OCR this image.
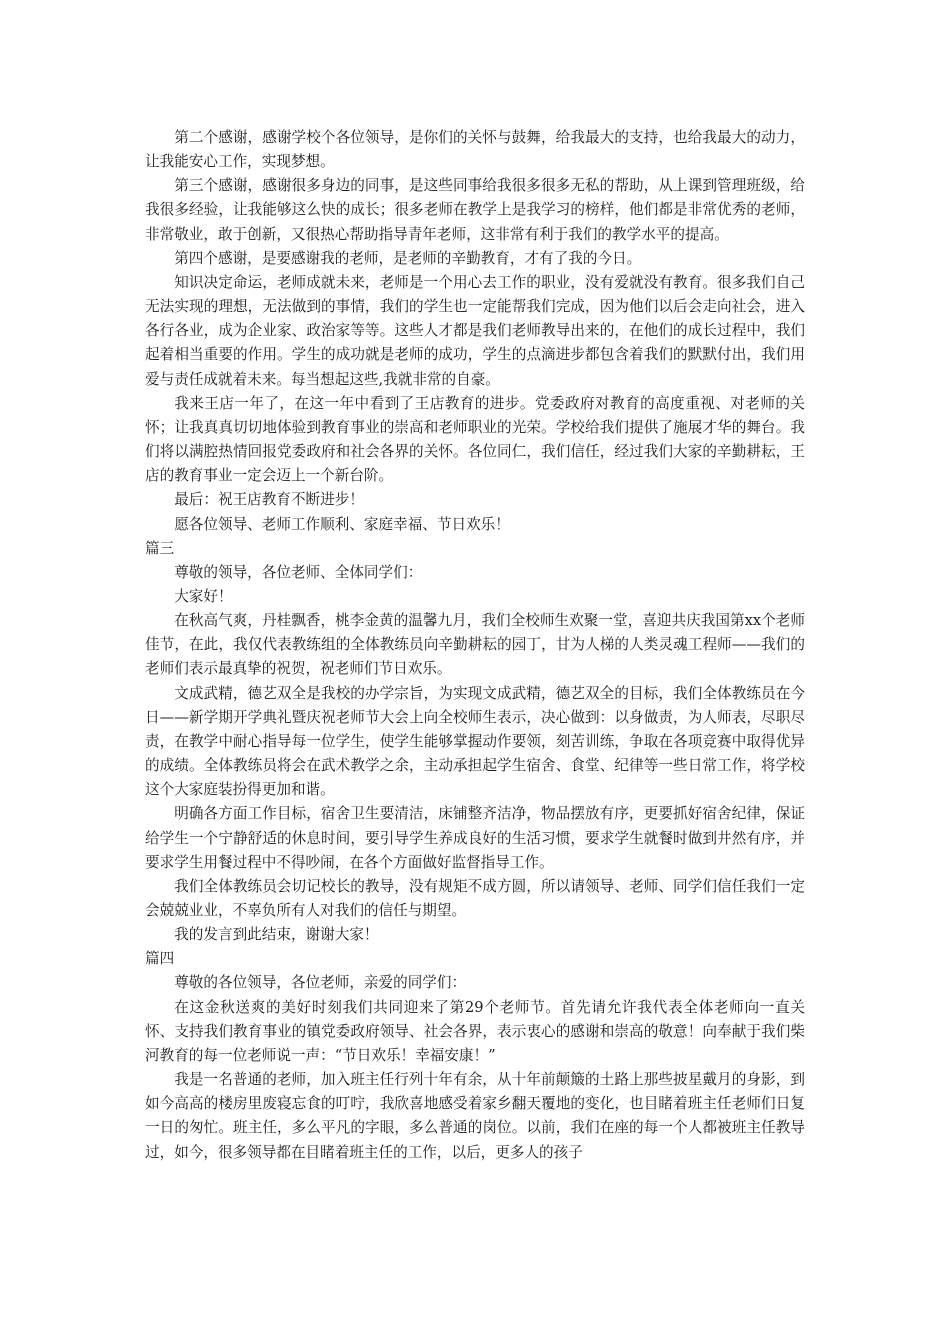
第二个感谢，感谢学校个各位领导，是你们的关怀与鼓舞，给我最大的支持，也给我最大的动力，让我能安心工作，实现梦想。

第三个感谢，感谢很多身边的同事，是这些同事给我很多很多无私的帮助，从上课到管理班级，给我很多经验，让我能够这么快的成长；很多老师在教学上是我学习的榜样，他们都是非常优秀的老师，非常敬业，敢于创新，又很热心帮助指导青年老师，这非常有利于我们的教学水平的提高。

第四个感谢，是要感谢我的老师，是老师的辛勤教育，才有了我的今日。

知识决定命运，老师成就未来，老师是一个用心去工作的职业，没有爱就没有教育。很多我们自己无法实现的理想，无法做到的事情，我们的学生也一定能帮我们完成，因为他们以后会走向社会，进入各行各业，成为企业家、政治家等等。这些人才都是我们老师教导出来的，在他们的成长过程中，我们起着相当重要的作用。学生的成功就是老师的成功，学生的点滴进步都包含着我们的默默付出，我们用爱与责任成就着未来。每当想起这些,我就非常的自豪。

我来王店一年了，在这一年中看到了王店教育的进步。党委政府对教育的高度重视、对老师的关怀；让我真真切切地体验到教育事业的崇高和老师职业的光荣。学校给我们提供了施展才华的舞台。我们将以满腔热情回报党委政府和社会各界的关怀。各位同仁，我们信任，经过我们大家的辛勤耕耘，王店的教育事业一定会迈上一个新台阶。

最后：祝王店教育不断进步！

愿各位领导、老师工作顺利、家庭幸福、节日欢乐！

篇三

尊敬的领导，各位老师、全体同学们：

大家好！

在秋高气爽，丹桂飘香，桃李金黄的温馨九月，我们全校师生欢聚一堂，喜迎共庆我国第xx个老师佳节，在此，我仅代表教练组的全体教练员向辛勤耕耘的园丁，甘为人梯的人类灵魂工程师——我们的老师们表示最真挚的祝贺，祝老师们节日欢乐。

文成武精，德艺双全是我校的办学宗旨，为实现文成武精，德艺双全的目标，我们全体教练员在今日——新学期开学典礼暨庆祝老师节大会上向全校师生表示，决心做到：以身做责，为人师表，尽职尽责，在教学中耐心指导每一位学生，使学生能够掌握动作要领，刻苦训练，争取在各项竞赛中取得优异的成绩。全体教练员将会在武术教学之余，主动承担起学生宿舍、食堂、纪律等一些日常工作，将学校这个大家庭装扮得更加和谐。

明确各方面工作目标，宿舍卫生要清洁，床铺整齐洁净，物品摆放有序，更要抓好宿舍纪律，保证给学生一个宁静舒适的休息时间，要引导学生养成良好的生活习惯，要求学生就餐时做到井然有序，并要求学生用餐过程中不得吵闹，在各个方面做好监督指导工作。

我们全体教练员会切记校长的教导，没有规矩不成方圆，所以请领导、老师、同学们信任我们一定会兢兢业业，不辜负所有人对我们的信任与期望。

我的发言到此结束，谢谢大家！

篇四

尊敬的各位领导，各位老师，亲爱的同学们：

在这金秋送爽的美好时刻我们共同迎来了第29个老师节。首先请允许我代表全体老师向一直关怀、支持我们教育事业的镇党委政府领导、社会各界，表示衷心的感谢和崇高的敬意！向奉献于我们柴河教育的每一位老师说一声：“节日欢乐！幸福安康！”

我是一名普通的老师，加入班主任行列十年有余，从十年前颠簸的土路上那些披星戴月的身影，到如今高高的楼房里废寝忘食的叮咛，我欣喜地感受着家乡翻天覆地的变化，也目睹着班主任老师们日复一日的匆忙。班主任，多么平凡的字眼，多么普通的岗位。以前，我们在座的每一个人都被班主任教导过，如今，很多领导都在目睹着班主任的工作，以后，更多人的孩子
